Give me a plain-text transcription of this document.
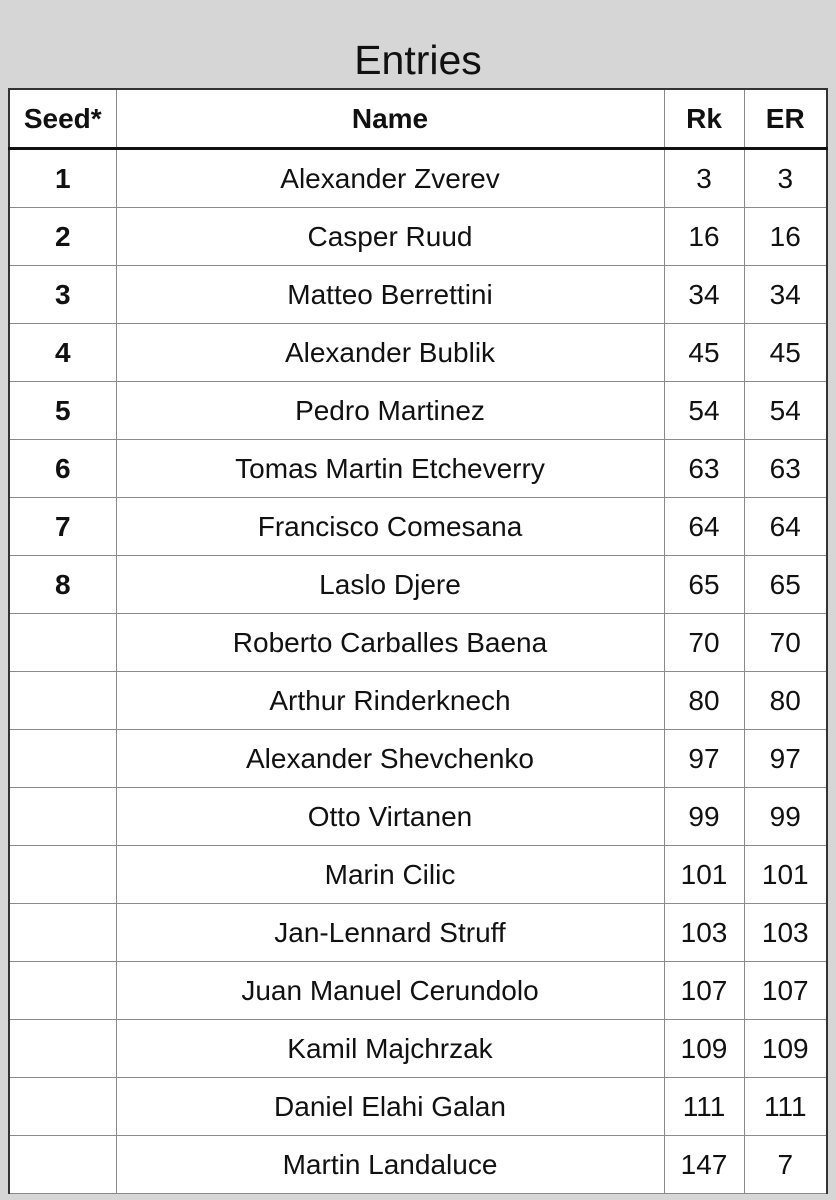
Entries
Seed*	Name	Rk	ER
1	Alexander Zverev	3	3
2	Casper Ruud	16	16
3	Matteo Berrettini	34	34
4	Alexander Bublik	45	45
5	Pedro Martinez	54	54
6	Tomas Martin Etcheverry	63	63
7	Francisco Comesana	64	64
8	Laslo Djere	65	65
	Roberto Carballes Baena	70	70
	Arthur Rinderknech	80	80
	Alexander Shevchenko	97	97
	Otto Virtanen	99	99
	Marin Cilic	101	101
	Jan-Lennard Struff	103	103
	Juan Manuel Cerundolo	107	107
	Kamil Majchrzak	109	109
	Daniel Elahi Galan	111	111
	Martin Landaluce	147	7
